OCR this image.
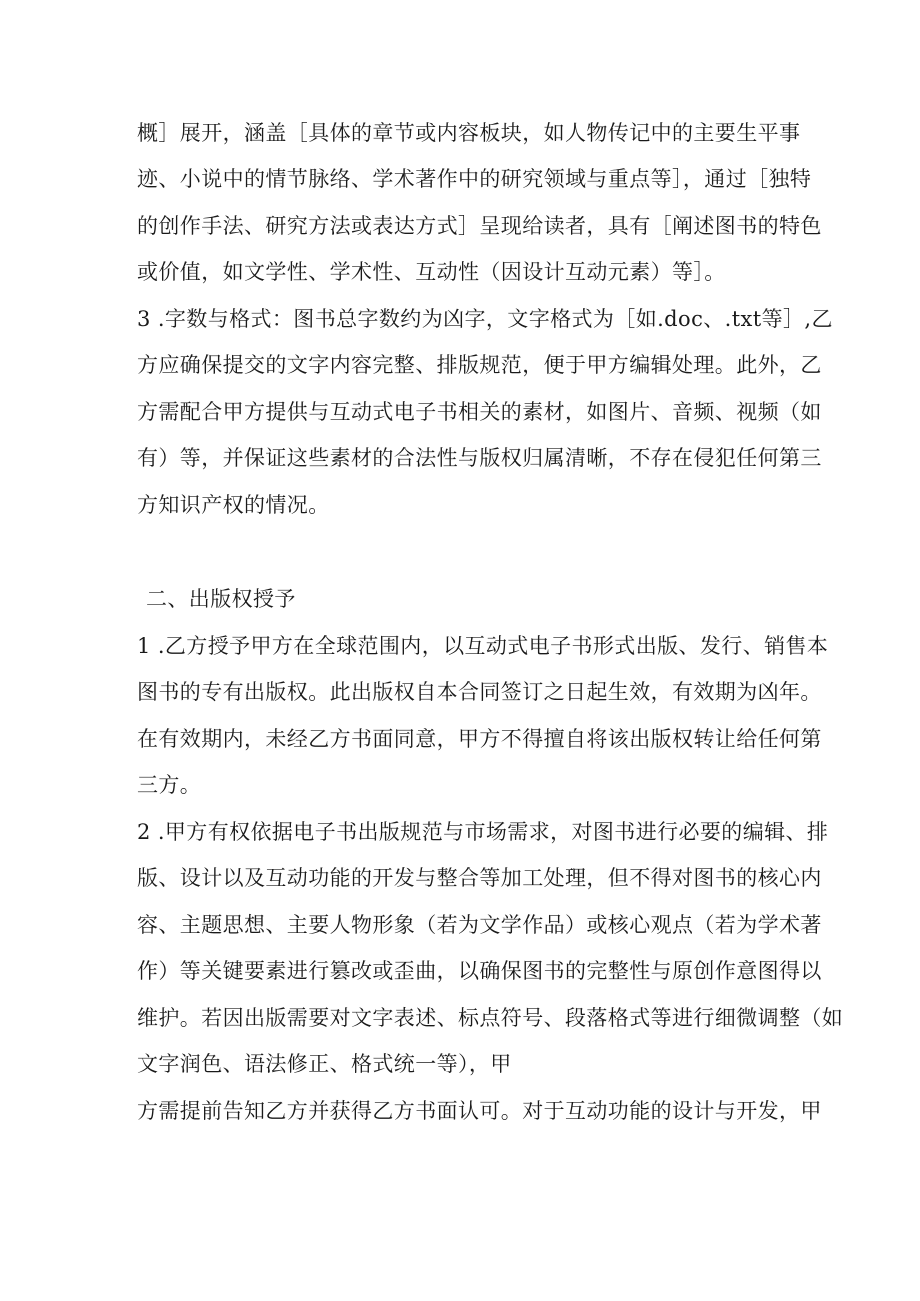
概］展开，涵盖［具体的章节或内容板块，如人物传记中的主要生平事
迹、小说中的情节脉络、学术著作中的研究领域与重点等］，通过［独特
的创作手法、研究方法或表达方式］呈现给读者，具有［阐述图书的特色
或价值，如文学性、学术性、互动性（因设计互动元素）等］。
3 .字数与格式：图书总字数约为凶字，文字格式为［如.doc、.txt等］,乙
方应确保提交的文字内容完整、排版规范，便于甲方编辑处理。此外，乙
方需配合甲方提供与互动式电子书相关的素材，如图片、音频、视频（如
有）等，并保证这些素材的合法性与版权归属清晰，不存在侵犯任何第三
方知识产权的情况。
二、出版权授予
1 .乙方授予甲方在全球范围内，以互动式电子书形式出版、发行、销售本
图书的专有出版权。此出版权自本合同签订之日起生效，有效期为凶年。
在有效期内，未经乙方书面同意，甲方不得擅自将该出版权转让给任何第
三方。
2 .甲方有权依据电子书出版规范与市场需求，对图书进行必要的编辑、排
版、设计以及互动功能的开发与整合等加工处理，但不得对图书的核心内
容、主题思想、主要人物形象（若为文学作品）或核心观点（若为学术著
作）等关键要素进行篡改或歪曲，以确保图书的完整性与原创作意图得以
维护。若因出版需要对文字表述、标点符号、段落格式等进行细微调整（如
文字润色、语法修正、格式统一等），甲
方需提前告知乙方并获得乙方书面认可。对于互动功能的设计与开发，甲
